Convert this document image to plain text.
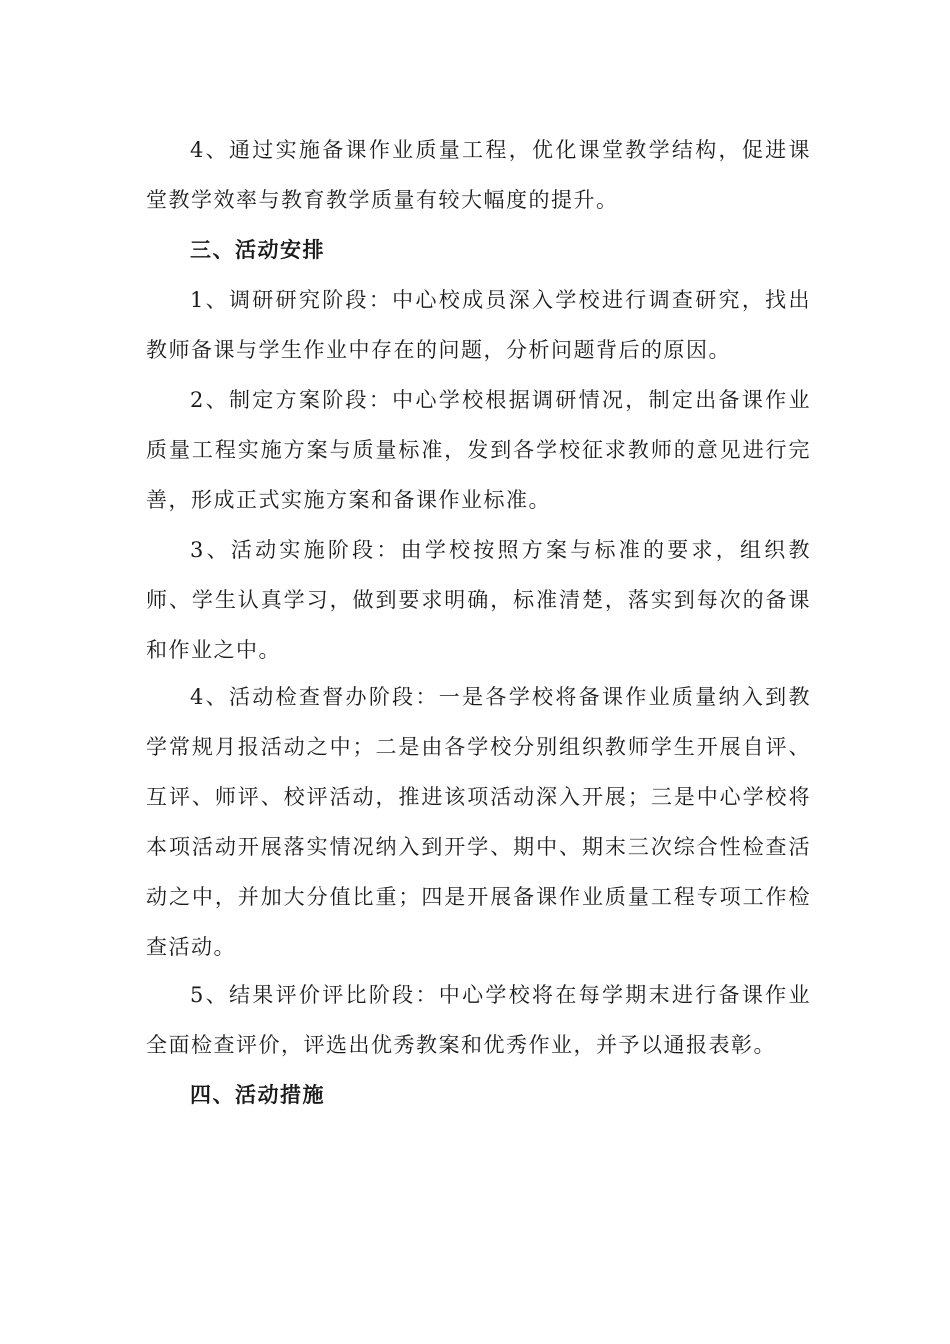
4、通过实施备课作业质量工程，优化课堂教学结构，促进课堂教学效率与教育教学质量有较大幅度的提升。

三、活动安排

1、调研研究阶段：中心校成员深入学校进行调查研究，找出教师备课与学生作业中存在的问题，分析问题背后的原因。

2、制定方案阶段：中心学校根据调研情况，制定出备课作业质量工程实施方案与质量标准，发到各学校征求教师的意见进行完善，形成正式实施方案和备课作业标准。

3、活动实施阶段：由学校按照方案与标准的要求，组织教师、学生认真学习，做到要求明确，标准清楚，落实到每次的备课和作业之中。

4、活动检查督办阶段：一是各学校将备课作业质量纳入到教学常规月报活动之中；二是由各学校分别组织教师学生开展自评、互评、师评、校评活动，推进该项活动深入开展；三是中心学校将本项活动开展落实情况纳入到开学、期中、期末三次综合性检查活动之中，并加大分值比重；四是开展备课作业质量工程专项工作检查活动。

5、结果评价评比阶段：中心学校将在每学期末进行备课作业全面检查评价，评选出优秀教案和优秀作业，并予以通报表彰。

四、活动措施
